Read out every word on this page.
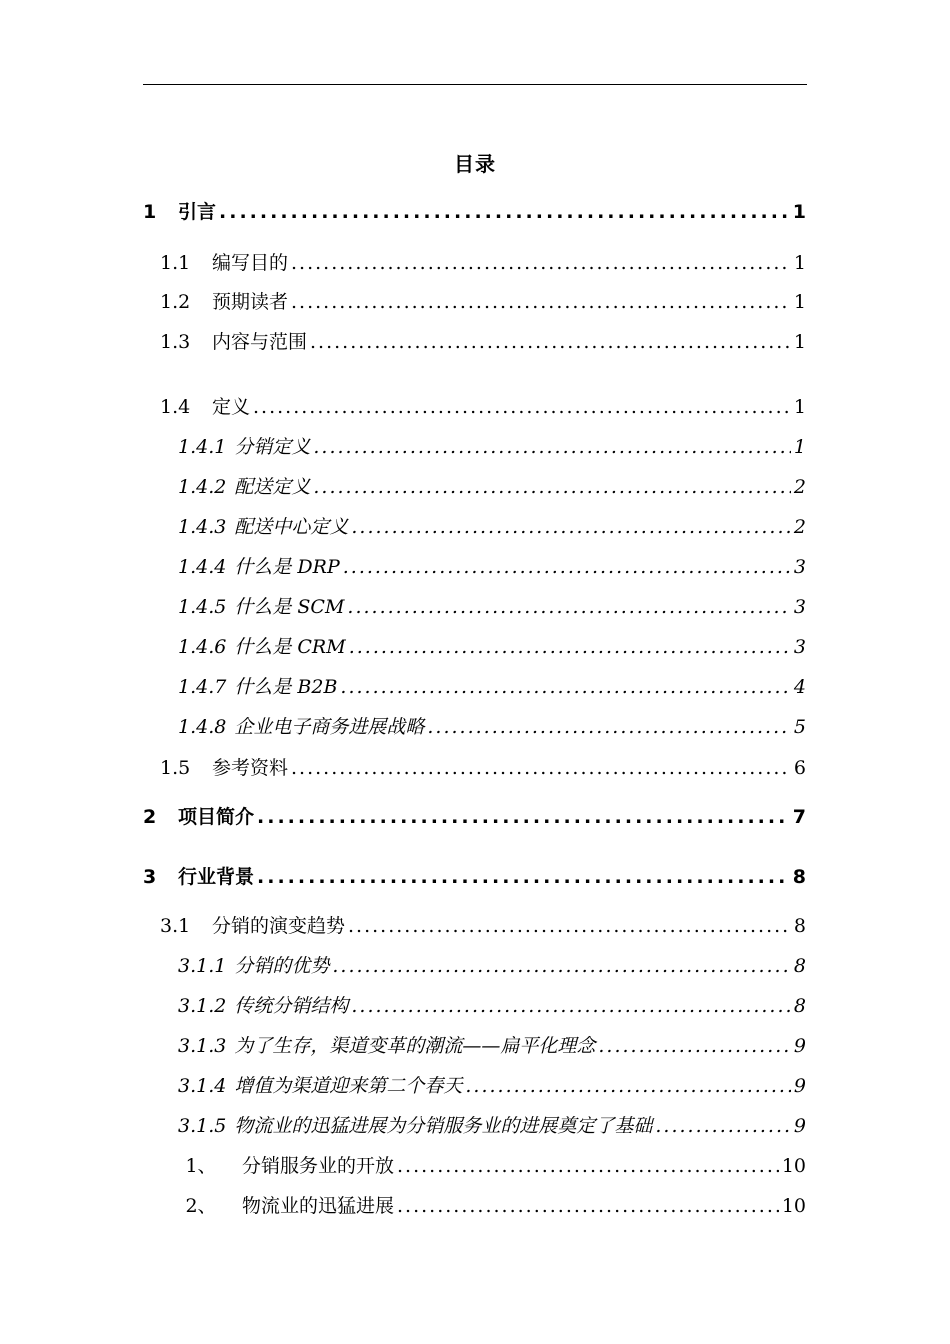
目录
1	引言 .....	1
1.1	编写目的 .....	1
1.2	预期读者 .....	1
1.3	内容与范围 .....	1
1.4	定义 .....	1
1.4.1 分销定义 .....	1
1.4.2 配送定义 .....	2
1.4.3 配送中心定义 .....	2
1.4.4 什么是 DRP .....	3
1.4.5 什么是 SCM .....	3
1.4.6 什么是 CRM .....	3
1.4.7 什么是 B2B .....	4
1.4.8 企业电子商务进展战略 .....	5
1.5	参考资料 .....	6
2	项目简介 .....	7
3	行业背景 .....	8
3.1	分销的演变趋势 .....	8
3.1.1 分销的优势 .....	8
3.1.2 传统分销结构 .....	8
3.1.3 为了生存，渠道变革的潮流——扁平化理念 .....	9
3.1.4 增值为渠道迎来第二个春天 .....	9
3.1.5 物流业的迅猛进展为分销服务业的进展奠定了基础 .....	9
1、	分销服务业的开放 .....	10
2、	物流业的迅猛进展 .....	10
